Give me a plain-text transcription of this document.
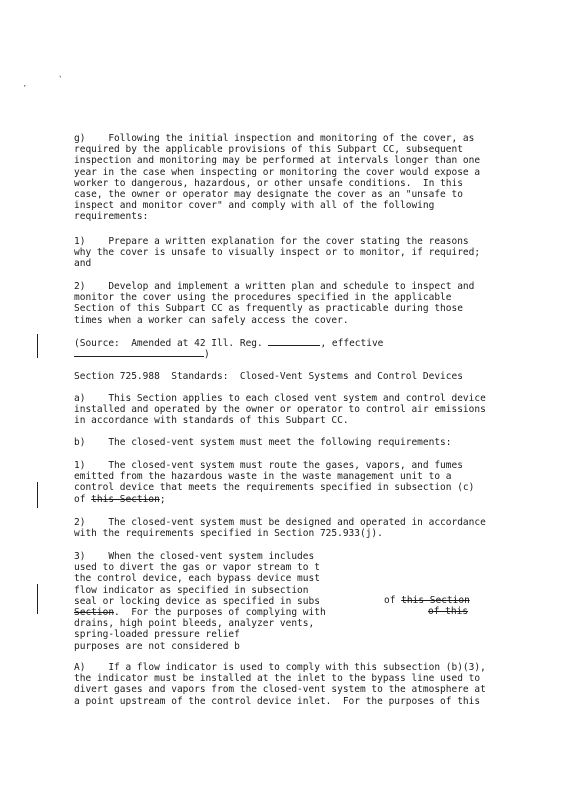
·
`

g)    Following the initial inspection and monitoring of the cover, as
required by the applicable provisions of this Subpart CC, subsequent
inspection and monitoring may be performed at intervals longer than one
year in the case when inspecting or monitoring the cover would expose a
worker to dangerous, hazardous, or other unsafe conditions.  In this
case, the owner or operator may designate the cover as an "unsafe to
inspect and monitor cover" and comply with all of the following
requirements:

1)    Prepare a written explanation for the cover stating the reasons
why the cover is unsafe to visually inspect or to monitor, if required;
and

2)    Develop and implement a written plan and schedule to inspect and
monitor the cover using the procedures specified in the applicable
Section of this Subpart CC as frequently as practicable during those
times when a worker can safely access the cover.

(Source:  Amended at 42 Ill. Reg.	, effective
)

Section 725.988  Standards:  Closed-Vent Systems and Control Devices

a)    This Section applies to each closed vent system and control device
installed and operated by the owner or operator to control air emissions
in accordance with standards of this Subpart CC.

b)    The closed-vent system must meet the following requirements:

1)    The closed-vent system must route the gases, vapors, and fumes
emitted from the hazardous waste in the waste management unit to a
control device that meets the requirements specified in subsection (c)
of this Section;

2)    The closed-vent system must be designed and operated in accordance
with the requirements specified in Section 725.933(j).

3)    When the closed-vent system includes
used to divert the gas or vapor stream to t
the control device, each bypass device must
flow indicator as specified in subsection
seal or locking device as specified in subs
Section.  For the purposes of complying with
drains, high point bleeds, analyzer vents,
spring-loaded pressure relief
purposes are not considered b

of this Section

of this

A)    If a flow indicator is used to comply with this subsection (b)(3),
the indicator must be installed at the inlet to the bypass line used to
divert gases and vapors from the closed-vent system to the atmosphere at
a point upstream of the control device inlet.  For the purposes of this
